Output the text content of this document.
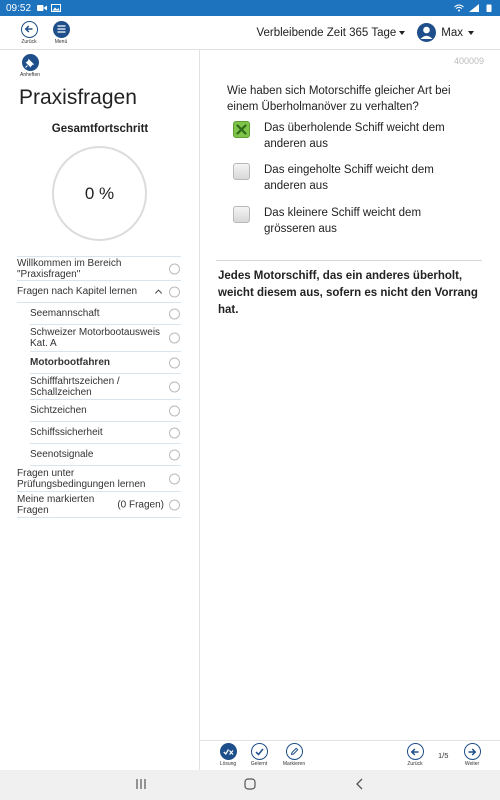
09:52
Zurück	Menü
Verbleibende Zeit 365 Tage	Max
Anheften
Praxisfragen
Gesamtfortschritt
0 %
Willkommen im Bereich "Praxisfragen"
Fragen nach Kapitel lernen
Seemannschaft
Schweizer Motorbootausweis Kat. A
Motorbootfahren
Schifffahrtszeichen / Schallzeichen
Sichtzeichen
Schiffssicherheit
Seenotsignale
Fragen unter Prüfungsbedingungen lernen
Meine markierten Fragen	(0 Fragen)
400009
Wie haben sich Motorschiffe gleicher Art bei einem Überholmanöver zu verhalten?
Das überholende Schiff weicht dem anderen aus
Das eingeholte Schiff weicht dem anderen aus
Das kleinere Schiff weicht dem grösseren aus
Jedes Motorschiff, das ein anderes überholt, weicht diesem aus, sofern es nicht den Vorrang hat.
Lösung	Gelernt	Markieren	Zurück
1/5
Weiter
